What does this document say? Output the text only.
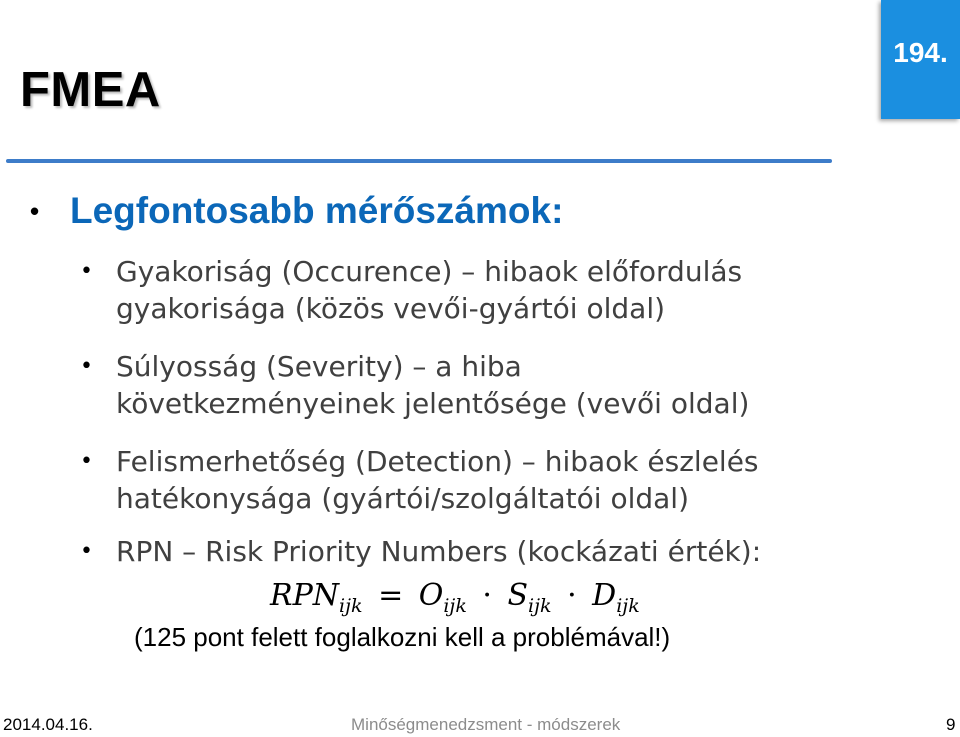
FMEA
194.
• Legfontosabb mérőszámok:
• Gyakoriság (Occurence) – hibaok előfordulás
gyakorisága (közös vevői-gyártói oldal)
• Súlyosság (Severity) – a hiba
következményeinek jelentősége (vevői oldal)
• Felismerhetőség (Detection) – hibaok észlelés
hatékonysága (gyártói/szolgáltatói oldal)
• RPN – Risk Priority Numbers (kockázati érték):
$RPN_{ijk} = O_{ijk} \cdot S_{ijk} \cdot D_{ijk}$
(125 pont felett foglalkozni kell a problémával!)
2014.04.16.	Minőségmenedzsment - módszerek	9
